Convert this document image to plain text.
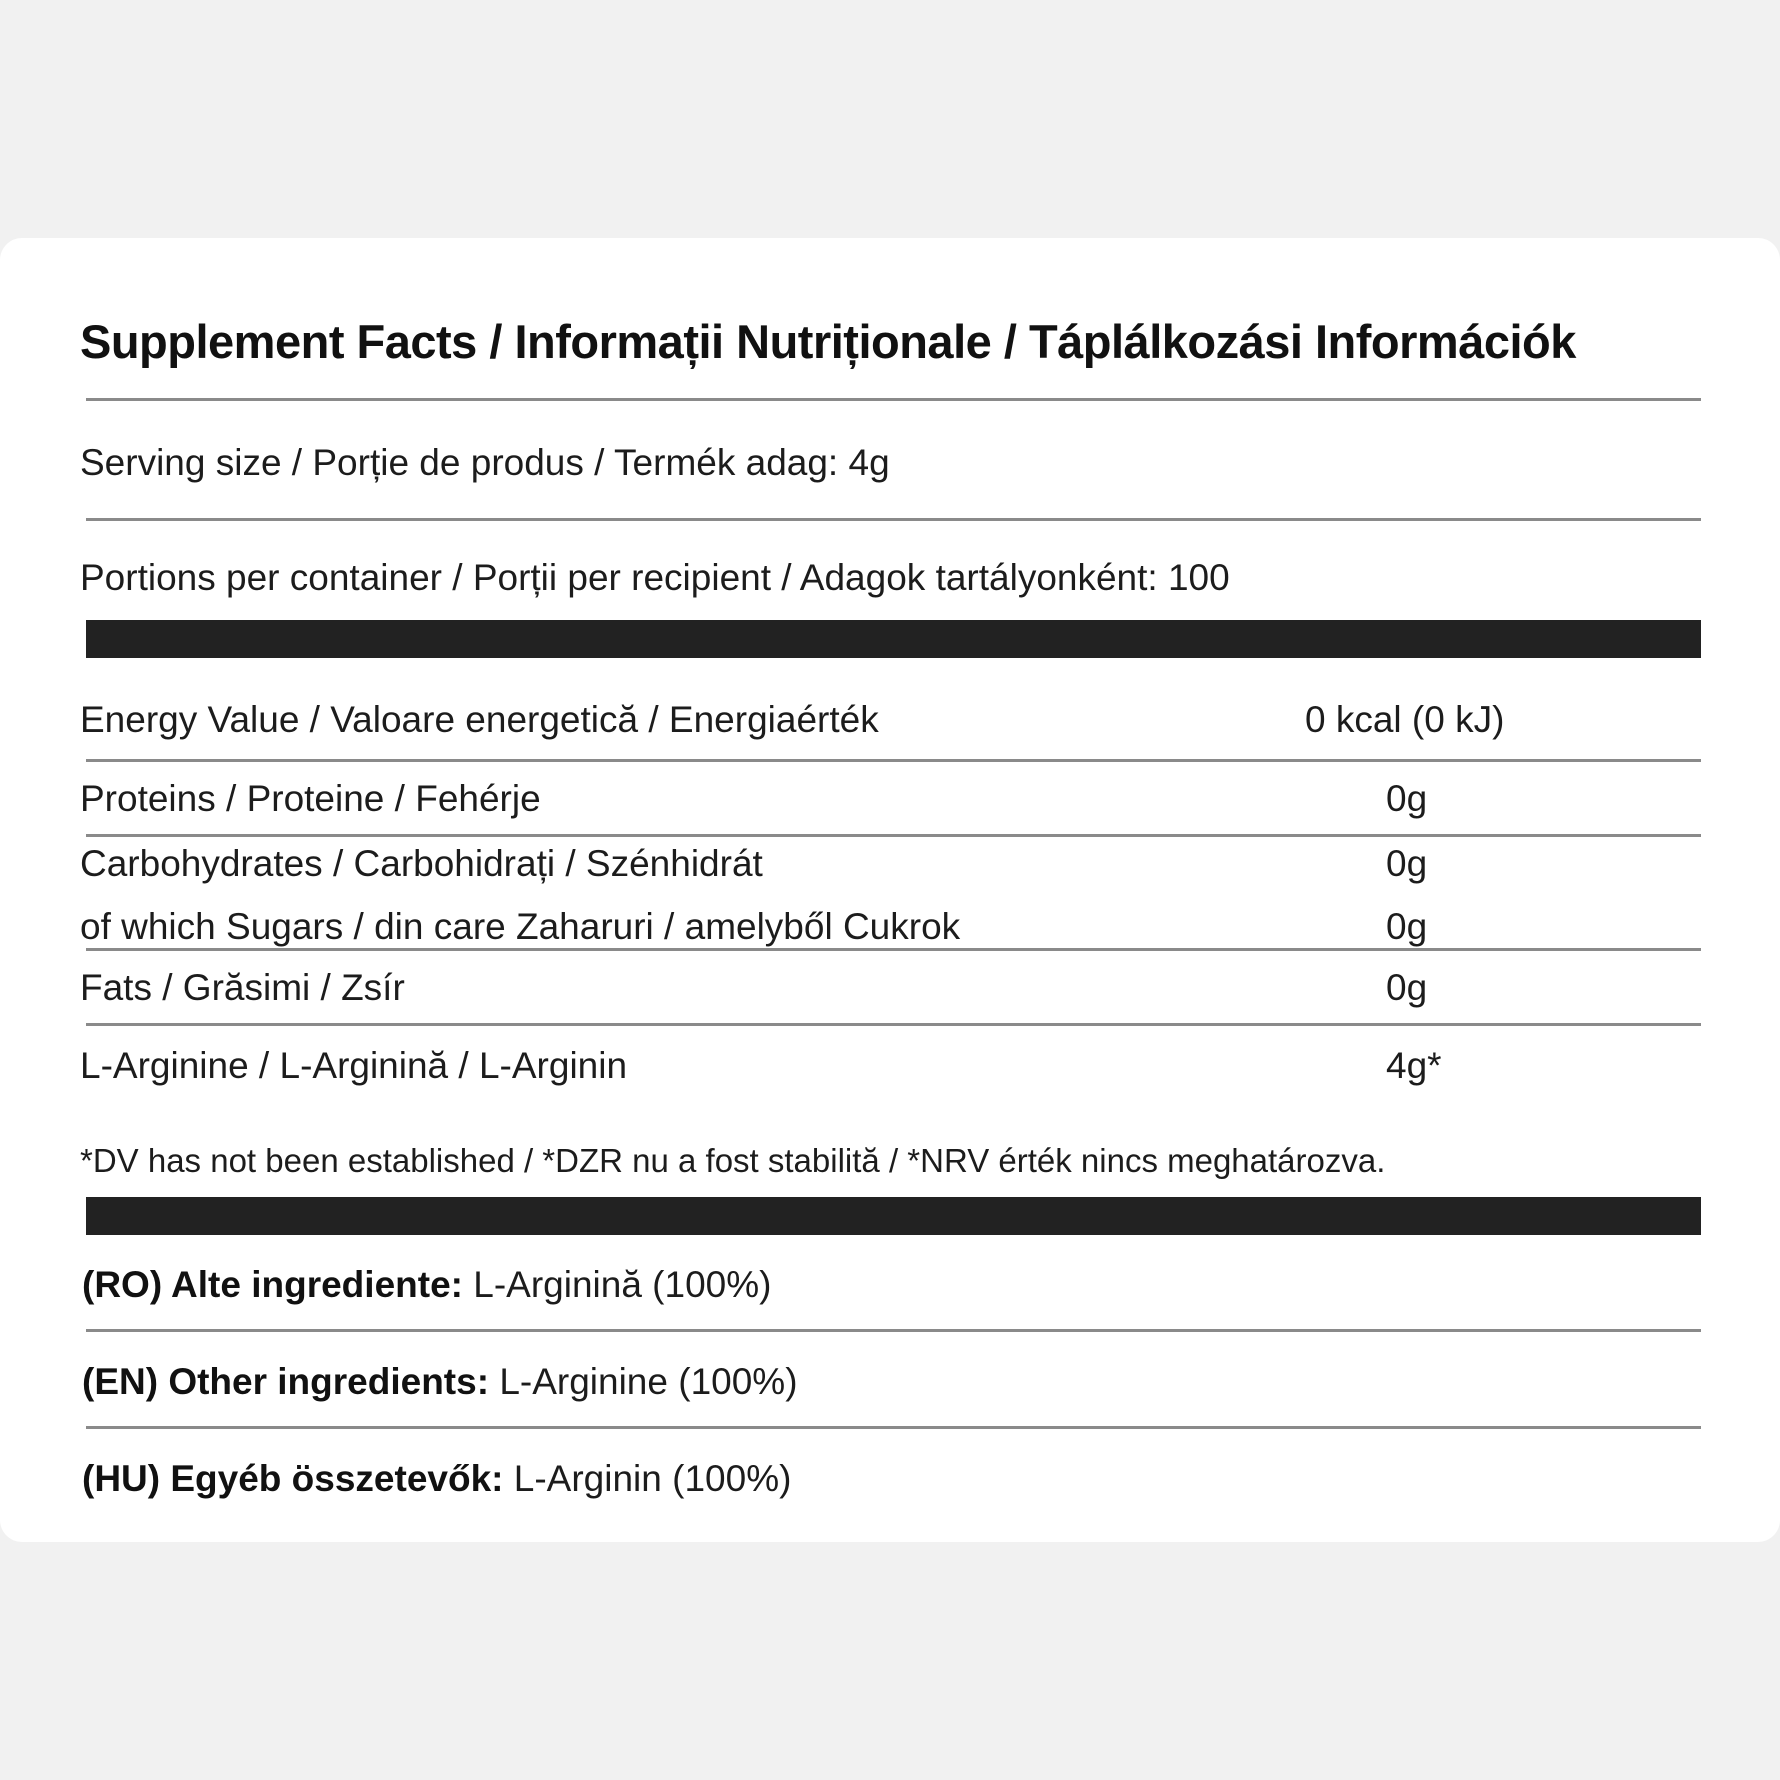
Supplement Facts / Informații Nutriționale / Táplálkozási Információk
Serving size / Porție de produs / Termék adag: 4g
Portions per container / Porții per recipient / Adagok tartályonként: 100
Energy Value / Valoare energetică / Energiaérték	0 kcal (0 kJ)
Proteins / Proteine / Fehérje	0g
Carbohydrates / Carbohidrați / Szénhidrát	0g
of which Sugars / din care Zaharuri / amelyből Cukrok	0g
Fats / Grăsimi / Zsír	0g
L-Arginine / L-Arginină / L-Arginin	4g*
*DV has not been established / *DZR nu a fost stabilită / *NRV érték nincs meghatározva.
(RO) Alte ingrediente: L-Arginină (100%)
(EN) Other ingredients: L-Arginine (100%)
(HU) Egyéb összetevők: L-Arginin (100%)
